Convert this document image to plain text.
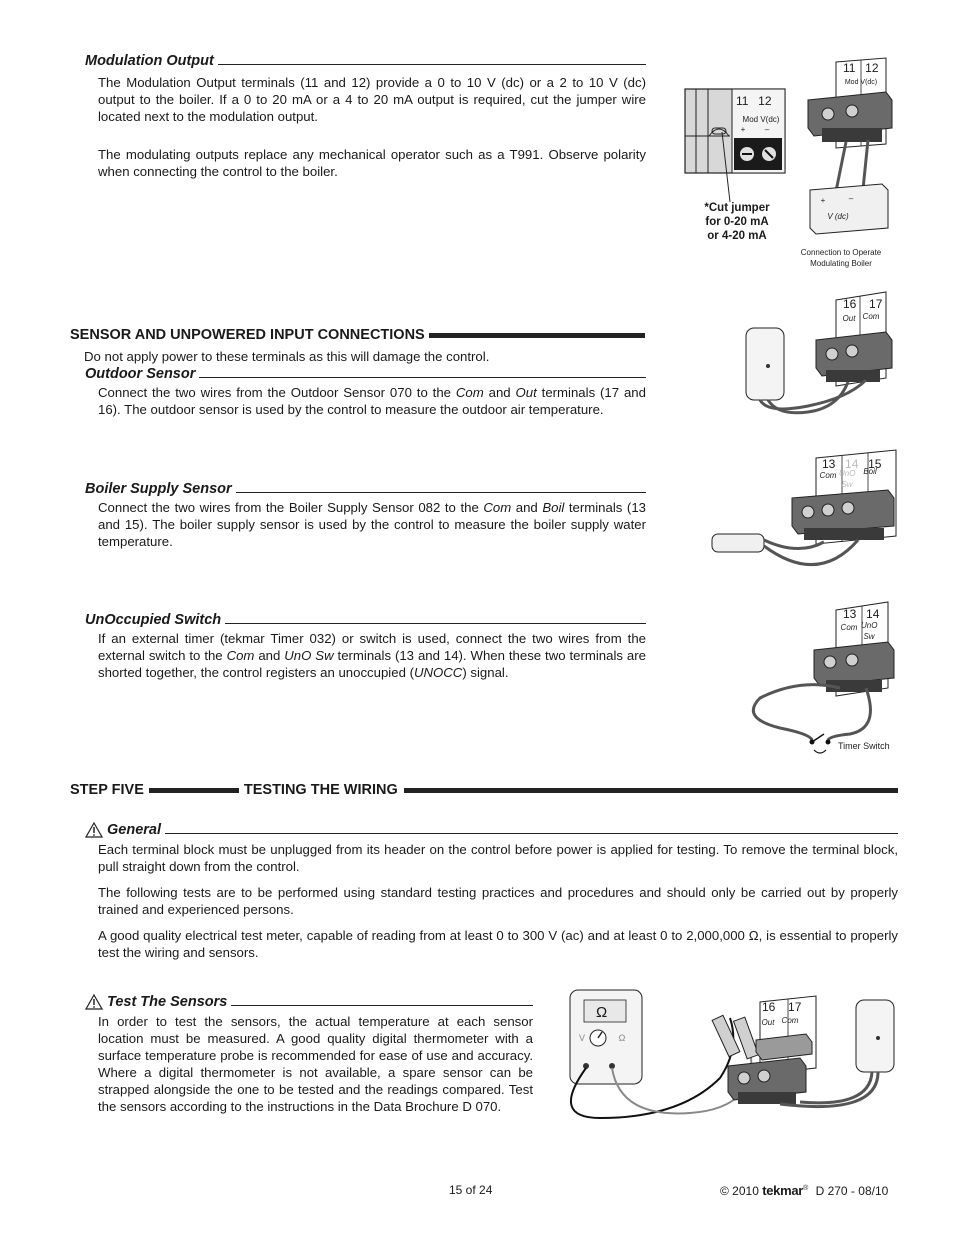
Modulation Output

The Modulation Output terminals (11 and 12) provide a 0 to 10 V (dc) or a 2 to 10 V (dc) output to the boiler. If a 0 to 20 mA or a 4 to 20 mA output is required, cut the jumper wire located next to the modulation output.

The modulating outputs replace any mechanical operator such as a T991. Observe polarity when connecting the control to the boiler.

11 12
Mod V(dc)
+	–
*Cut jumper
for 0-20 mA
or 4-20 mA
11 12
Mod V(dc)
+	–
V (dc)
Connection to Operate
Modulating Boiler
SENSOR AND UNPOWERED INPUT CONNECTIONS

Do not apply power to these terminals as this will damage the control.

Outdoor Sensor

Connect the two wires from the Outdoor Sensor 070 to the Com and Out terminals (17 and 16). The outdoor sensor is used by the control to measure the outdoor air temperature.

16 17
Out Com
Boiler Supply Sensor

Connect the two wires from the Boiler Supply Sensor 082 to the Com and Boil terminals (13 and 15). The boiler supply sensor is used by the control to measure the boiler supply water temperature.

13 14 15
Com UnO
Sw
Boil
UnOccupied Switch

If an external timer (tekmar Timer 032) or switch is used, connect the two wires from the external switch to the Com and UnO Sw terminals (13 and 14). When these two terminals are shorted together, the control registers an unoccupied (UNOCC) signal.

13 14
Com UnO
Sw
Timer Switch
STEP FIVE	TESTING THE WIRING
General

Each terminal block must be unplugged from its header on the control before power is applied for testing. To remove the terminal block, pull straight down from the control.

The following tests are to be performed using standard testing practices and procedures and should only be carried out by properly trained and experienced persons.

A good quality electrical test meter, capable of reading from at least 0 to 300 V (ac) and at least 0 to 2,000,000 Ω, is essential to properly test the wiring and sensors.

Test The Sensors

In order to test the sensors, the actual temperature at each sensor location must be measured. A good quality digital thermometer with a surface temperature probe is recommended for ease of use and accuracy. Where a digital thermometer is not available, a spare sensor can be strapped alongside the one to be tested and the readings compared. Test the sensors according to the instructions in the Data Brochure D 070.

Ω
V	Ω
16 17
Out Com
15 of 24	© 2010 tekmar® D 270 - 08/10
